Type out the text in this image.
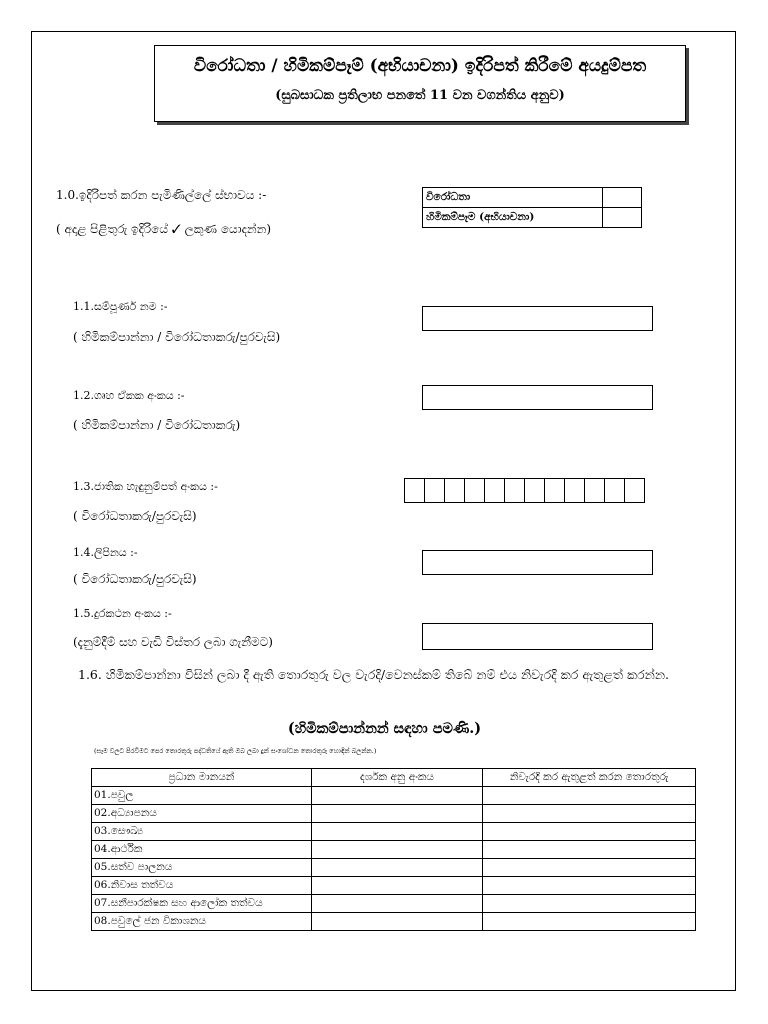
විරෝධතා / හිමිකම්පෑම් (අභියාචනා) ඉදිරිපත් කිරීමේ අයදුම්පත
(සුබසාධක ප්‍රතිලාභ පනතේ 11 වන වගන්තිය අනුව)
1.0.ඉදිරිපත් කරන පැමිණිල්ලේ ස්භාවය :-
( අදාළ පිළිතුරු ඉදිරියේ ✓ ලකුණ යොදන්න)
විරෝධතා	
හිමිකම්පෑම (අභියාචනා)	
1.1.සම්පූර්ණ නම :-
( හිමිකම්පාන්නා / විරෝධතාකරු/පුරවැසි)
1.2.ගෘහ ඒකක අංකය :-
( හිමිකම්පාන්නා / විරෝධතාකරු)
1.3.ජාතික හැඳුනුම්පත් අංකය :-
( විරෝධතාකරු/පුරවැසි)

1.4.ලිපිනය :-
( විරෝධතාකරු/පුරවැසි)
1.5.දුරකථන අංකය :-
(දැනුම්දීම් සහ වැඩි විස්තර ලබා ගැනීමට)
1.6. හිමිකම්පාන්නා විසින් ලබා දී ඇති තොරතුරු වල වැරදි/වෙනස්කම් තිබේ නම් එය නිවැරදි කර ඇතුළත් කරන්න.
(හිමිකම්පාන්නන් සඳහා පමණි.)
(සෑම වලට පිරවීමට පෙර තොරතුරු පද්ධතියේ ඇති ඔබ ලබා දුන් සංශෝධන තොරතුරු හොඳින් බලන්න.)
ප්‍රධාන මානයන්	දර්ශක අනු අංකය	නිවැරදි කර ඇතුළත් කරන තොරතුරු
01.පවුල		
02.අධ්‍යාපනය		
03.සෞඛ්‍ය		
04.ආර්ථික		
05.සත්ව පාලනය		
06.නිවාස තත්වය		
07.සනීපාරක්ෂක සහ ආලෝක තත්වය		
08.පවුලේ ජන විකාශනය		
